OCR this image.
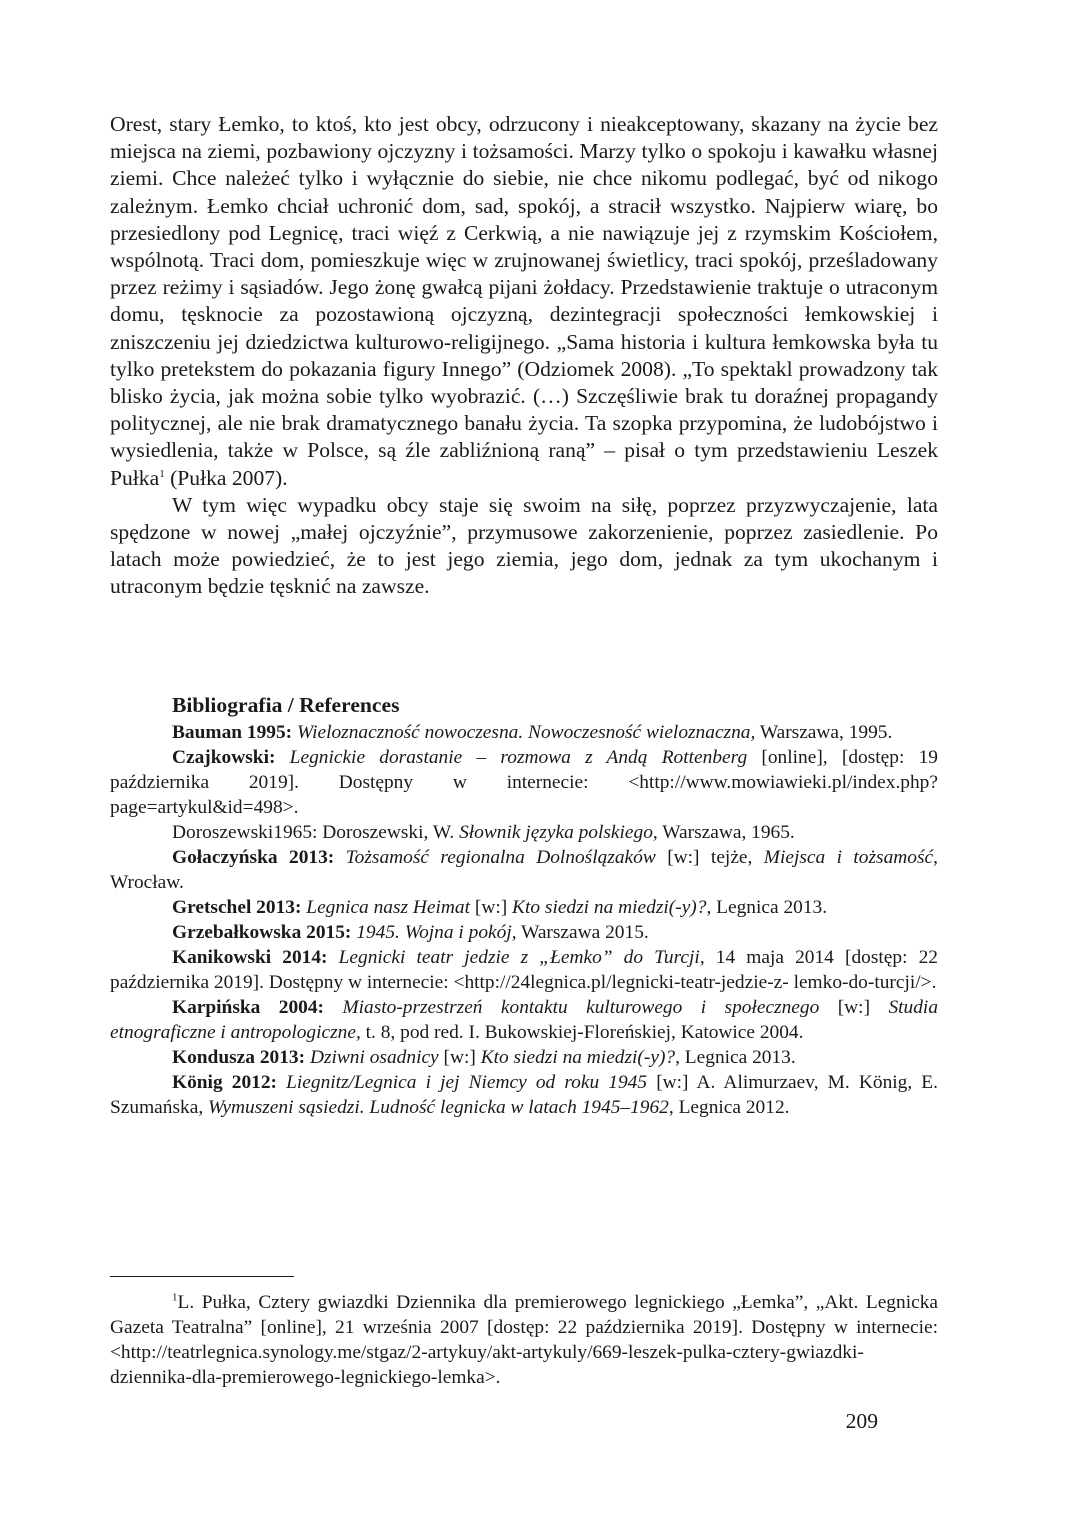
Orest, stary Łemko, to ktoś, kto jest obcy, odrzucony i nieakceptowany, skazany na życie bez miejsca na ziemi, pozbawiony ojczyzny i tożsamości. Marzy tylko o spokoju i kawałku własnej ziemi. Chce należeć tylko i wyłącznie do siebie, nie chce nikomu podlegać, być od nikogo zależnym. Łemko chciał uchronić dom, sad, spokój, a stracił wszystko. Najpierw wiarę, bo przesiedlony pod Legnicę, traci więź z Cerkwią, a nie nawiązuje jej z rzymskim Kościołem, wspólnotą. Traci dom, pomieszkuje więc w zrujnowanej świetlicy, traci spokój, prześladowany przez reżimy i sąsiadów. Jego żonę gwałcą pijani żołdacy. Przedstawienie traktuje o utraconym domu, tęsknocie za pozostawioną ojczyzną, dezintegracji społeczności łemkowskiej i zniszczeniu jej dziedzictwa kulturowo-religijnego. „Sama historia i kultura łemkowska była tu tylko pretekstem do pokazania figury Innego” (Odziomek 2008). „To spektakl prowadzony tak blisko życia, jak można sobie tylko wyobrazić. (…) Szczęśliwie brak tu doraźnej propagandy politycznej, ale nie brak dramatycznego banału życia. Ta szopka przypomina, że ludobójstwo i wysiedlenia, także w Polsce, są źle zabliźnioną raną” – pisał o tym przedstawieniu Leszek Pułka$^1$ (Pułka 2007).

W tym więc wypadku obcy staje się swoim na siłę, poprzez przyzwyczajenie, lata spędzone w nowej „małej ojczyźnie”, przymusowe zakorzenienie, poprzez zasiedlenie. Po latach może powiedzieć, że to jest jego ziemia, jego dom, jednak za tym ukochanym i utraconym będzie tęsknić na zawsze.

Bibliografia / References

Bauman 1995: Wieloznaczność nowoczesna. Nowoczesność wieloznaczna, Warszawa, 1995.

Czajkowski: Legnickie dorastanie – rozmowa z Andą Rottenberg [online], [dostęp: 19 października 2019]. Dostępny w internecie: <http://www.mowiawieki.pl/index.php?page=artykul&id=498>.

Doroszewski1965: Doroszewski, W. Słownik języka polskiego, Warszawa, 1965.

Gołaczyńska 2013: Tożsamość regionalna Dolnoślązaków [w:] tejże, Miejsca i tożsamość, Wrocław.

Gretschel 2013: Legnica nasz Heimat [w:] Kto siedzi na miedzi(-y)?, Legnica 2013.

Grzebałkowska 2015: 1945. Wojna i pokój, Warszawa 2015.

Kanikowski 2014: Legnicki teatr jedzie z „Łemko” do Turcji, 14 maja 2014 [dostęp: 22 października 2019]. Dostępny w internecie: <http://24legnica.pl/legnicki-teatr-jedzie-z- lemko-do-turcji/>.

Karpińska 2004: Miasto-przestrzeń kontaktu kulturowego i społecznego [w:] Studia etnograficzne i antropologiczne, t. 8, pod red. I. Bukowskiej-Floreńskiej, Katowice 2004.

Kondusza 2013: Dziwni osadnicy [w:] Kto siedzi na miedzi(-y)?, Legnica 2013.

König 2012: Liegnitz/Legnica i jej Niemcy od roku 1945 [w:] A. Alimurzaev, M. König, E. Szumańska, Wymuszeni sąsiedzi. Ludność legnicka w latach 1945–1962, Legnica 2012.

$^1$L. Pułka, Cztery gwiazdki Dziennika dla premierowego legnickiego „Łemka”, „Akt. Legnicka Gazeta Teatralna” [online], 21 września 2007 [dostęp: 22 października 2019]. Dostępny w internecie: <http://teatrlegnica.synology.me/stgaz/2-artykuy/akt-artykuly/669-leszek-pulka-cztery-gwiazdki-dziennika-dla-premierowego-legnickiego-lemka>.
209
